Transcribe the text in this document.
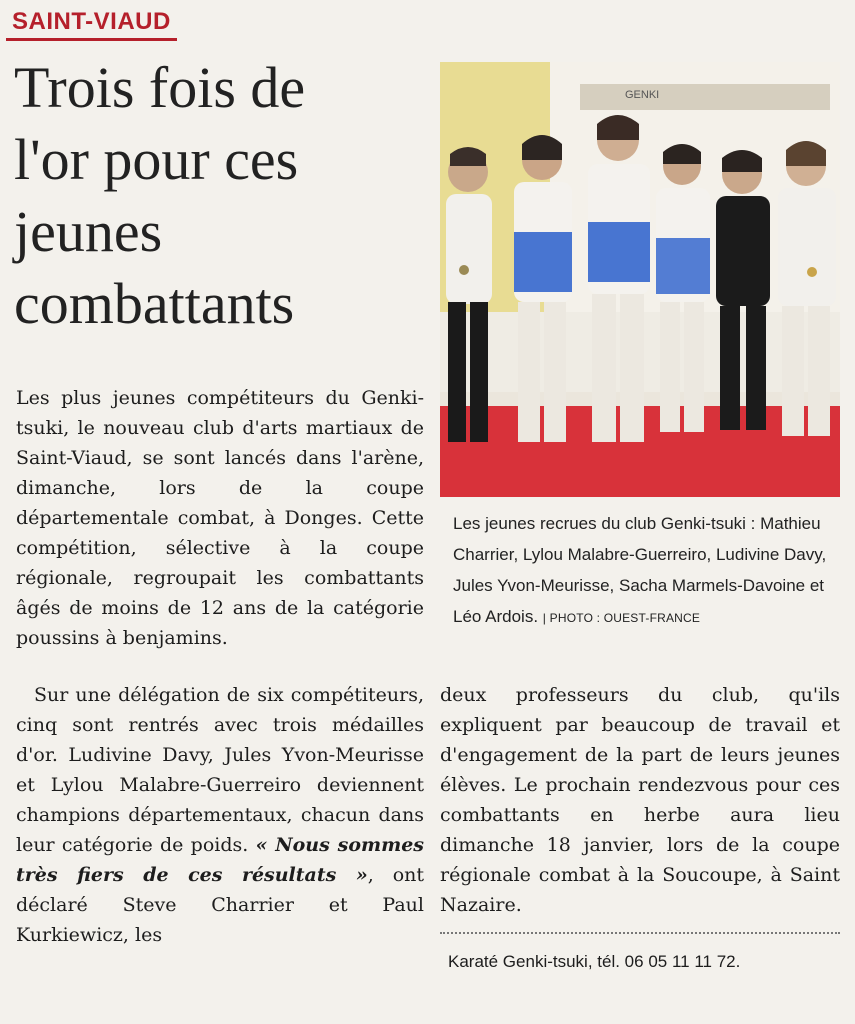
SAINT-VIAUD
Trois fois de
l'or pour ces
jeunes
combattants
GENKI
Les jeunes recrues du club Genki-tsuki : Mathieu Charrier, Lylou Malabre-Guerreiro, Ludivine Davy, Jules Yvon-Meurisse, Sacha Marmels-Davoine et Léo Ardois. | PHOTO : OUEST-FRANCE
Les plus jeunes compétiteurs du Genki-tsuki, le nouveau club d'arts martiaux de Saint-Viaud, se sont lancés dans l'arène, dimanche, lors de la coupe départementale combat, à Donges. Cette compétition, sélective à la coupe régionale, regroupait les combattants âgés de moins de 12 ans de la catégorie poussins à benjamins.
Sur une délégation de six compétiteurs, cinq sont rentrés avec trois médailles d'or. Ludivine Davy, Jules Yvon-Meurisse et Lylou Malabre-Guerreiro deviennent champions départementaux, chacun dans leur catégorie de poids. « Nous sommes très fiers de ces résultats », ont déclaré Steve Charrier et Paul Kurkiewicz, les
deux professeurs du club, qu'ils expliquent par beaucoup de travail et d'engagement de la part de leurs jeunes élèves. Le prochain rendezvous pour ces combattants en herbe aura lieu dimanche 18 janvier, lors de la coupe régionale combat à la Soucoupe, à Saint Nazaire.
Karaté Genki-tsuki, tél. 06 05 11 11 72.
